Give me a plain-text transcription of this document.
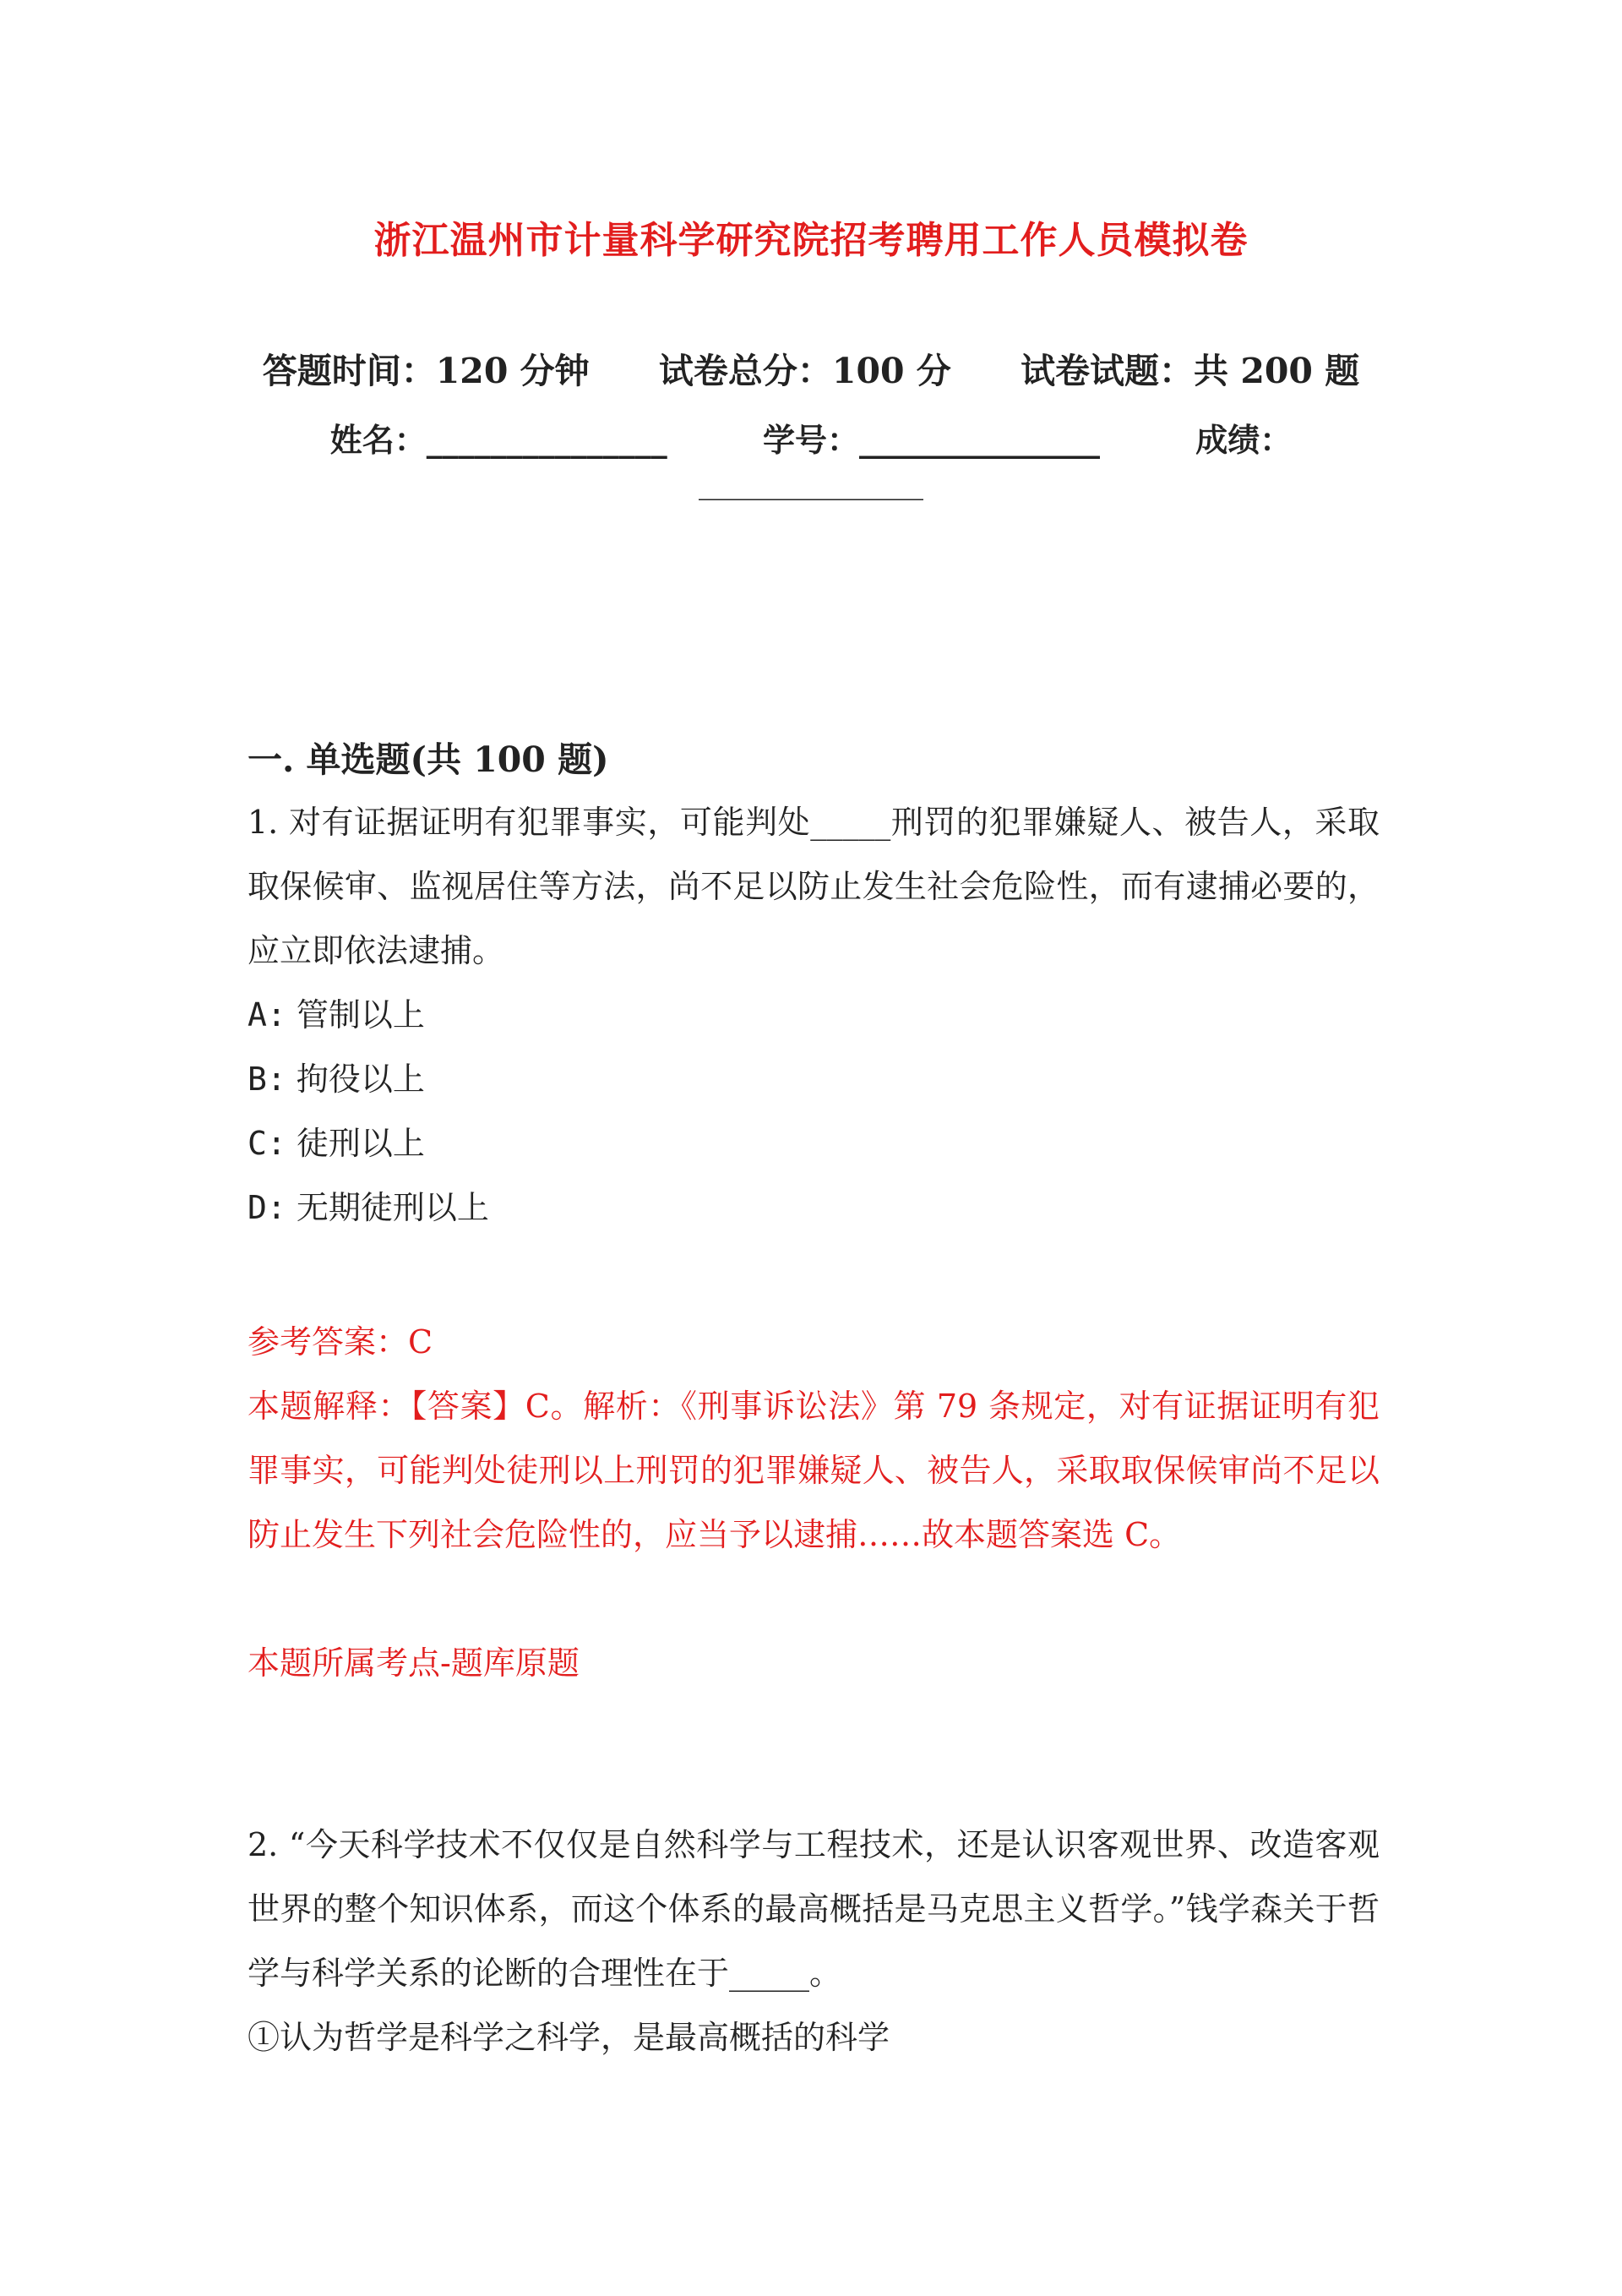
浙江温州市计量科学研究院招考聘用工作人员模拟卷
答题时间：120 分钟 试卷总分：100 分 试卷试题：共 200 题
姓名：_______________	学号：_______________	成绩：
______________
一. 单选题(共 100 题)

1. 对有证据证明有犯罪事实，可能判处_____刑罚的犯罪嫌疑人、被告人，采取取保候审、监视居住等方法，尚不足以防止发生社会危险性，而有逮捕必要的，应立即依法逮捕。

A: 管制以上

B: 拘役以上

C: 徒刑以上

D: 无期徒刑以上

参考答案：C

本题解释：【答案】C。解析：《刑事诉讼法》第 79 条规定，对有证据证明有犯罪事实，可能判处徒刑以上刑罚的犯罪嫌疑人、被告人，采取取保候审尚不足以防止发生下列社会危险性的，应当予以逮捕……故本题答案选 C。

本题所属考点-题库原题

2. “今天科学技术不仅仅是自然科学与工程技术，还是认识客观世界、改造客观世界的整个知识体系，而这个体系的最高概括是马克思主义哲学。”钱学森关于哲学与科学关系的论断的合理性在于_____。

①认为哲学是科学之科学，是最高概括的科学
